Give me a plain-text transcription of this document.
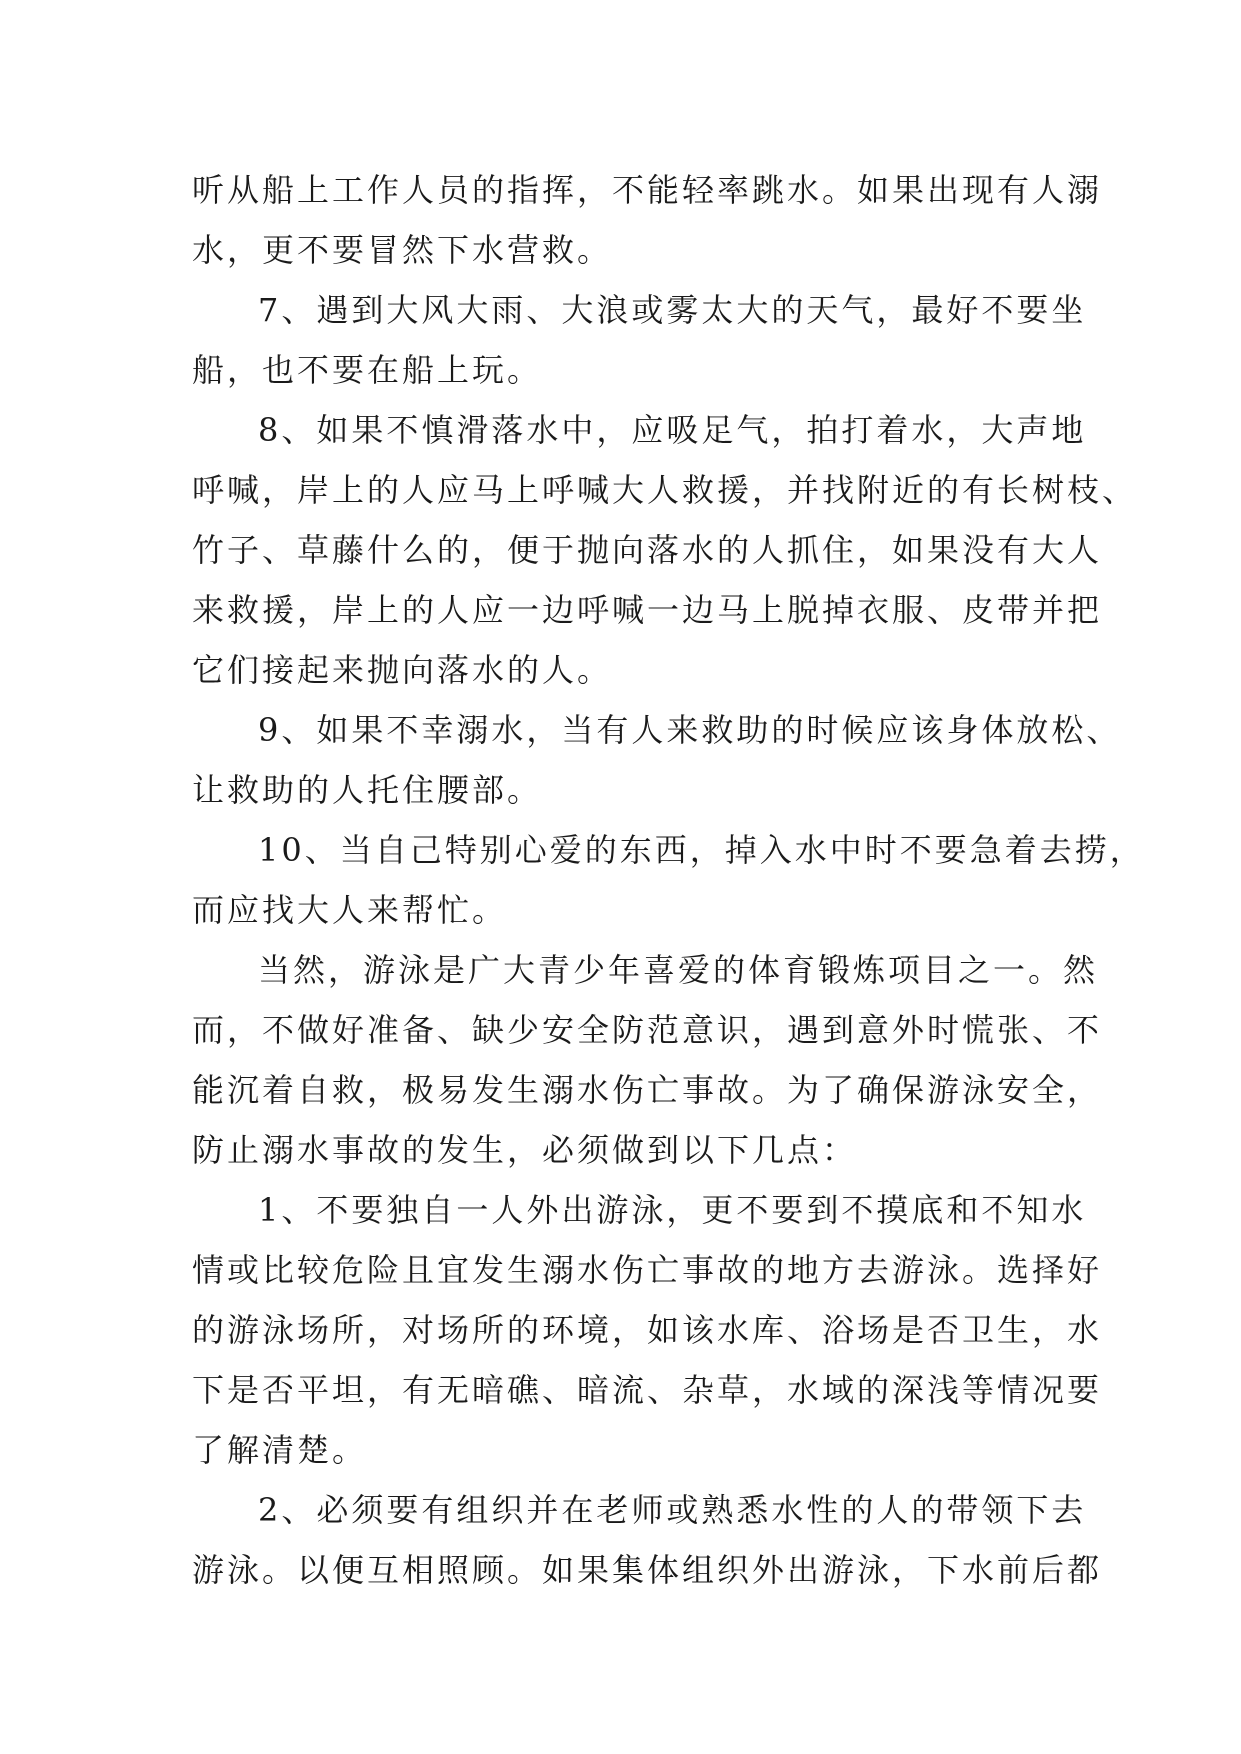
听从船上工作人员的指挥，不能轻率跳水。如果出现有人溺
水，更不要冒然下水营救。
7、遇到大风大雨、大浪或雾太大的天气，最好不要坐
船，也不要在船上玩。
8、如果不慎滑落水中，应吸足气，拍打着水，大声地
呼喊，岸上的人应马上呼喊大人救援，并找附近的有长树枝、
竹子、草藤什么的，便于抛向落水的人抓住，如果没有大人
来救援，岸上的人应一边呼喊一边马上脱掉衣服、皮带并把
它们接起来抛向落水的人。
9、如果不幸溺水，当有人来救助的时候应该身体放松、
让救助的人托住腰部。
10、当自己特别心爱的东西，掉入水中时不要急着去捞，
而应找大人来帮忙。
当然，游泳是广大青少年喜爱的体育锻炼项目之一。然
而，不做好准备、缺少安全防范意识，遇到意外时慌张、不
能沉着自救，极易发生溺水伤亡事故。为了确保游泳安全，
防止溺水事故的发生，必须做到以下几点：
1、不要独自一人外出游泳，更不要到不摸底和不知水
情或比较危险且宜发生溺水伤亡事故的地方去游泳。选择好
的游泳场所，对场所的环境，如该水库、浴场是否卫生，水
下是否平坦，有无暗礁、暗流、杂草，水域的深浅等情况要
了解清楚。
2、必须要有组织并在老师或熟悉水性的人的带领下去
游泳。以便互相照顾。如果集体组织外出游泳，下水前后都
